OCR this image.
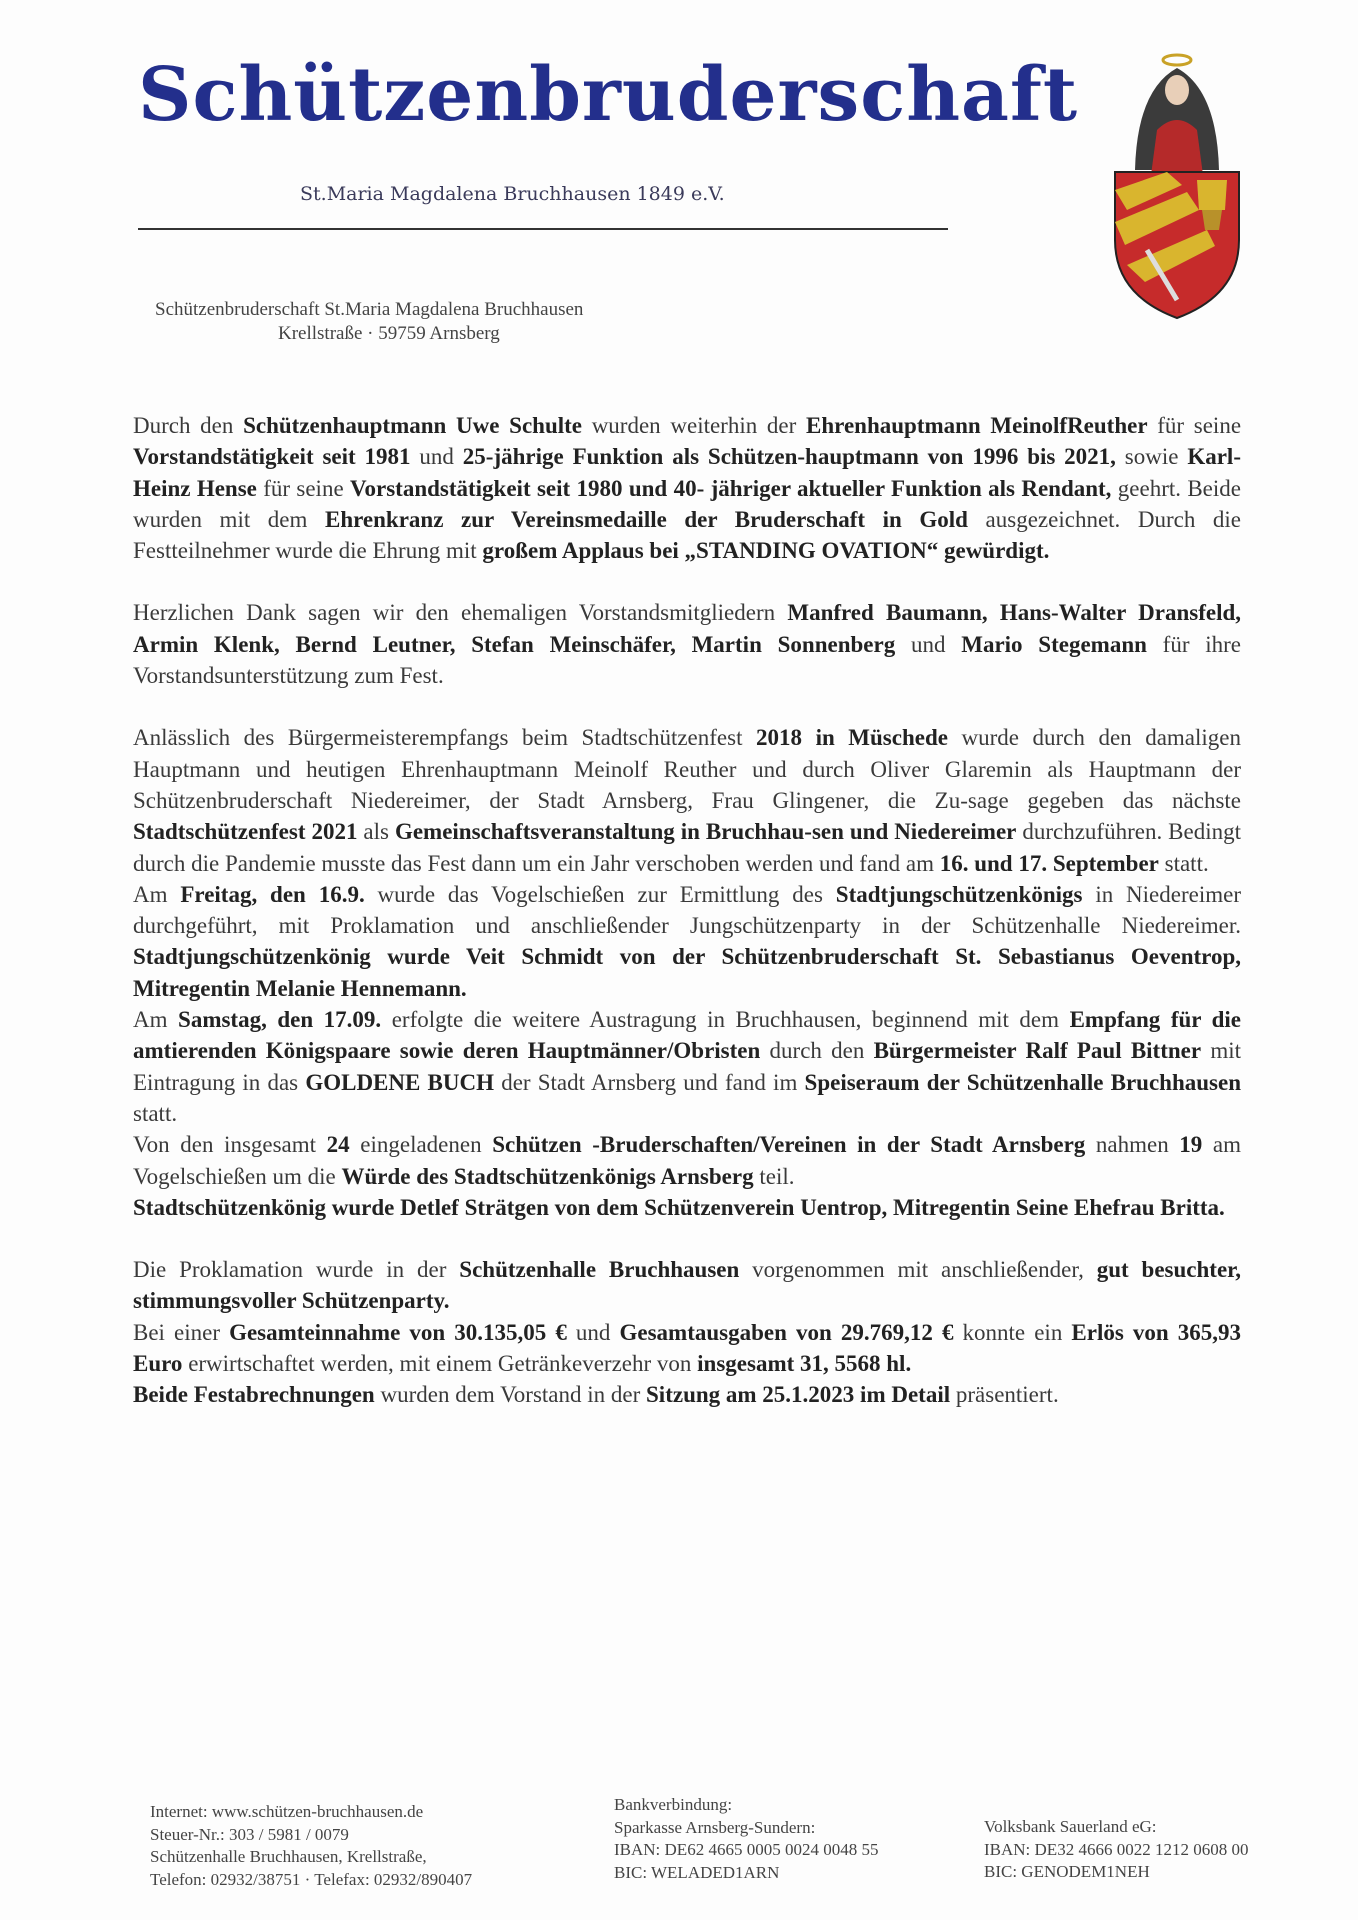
Schützenbruderschaft
St.Maria Magdalena Bruchhausen 1849 e.V.
Schützenbruderschaft St.Maria Magdalena Bruchhausen
Krellstraße · 59759 Arnsberg

Durch den Schützenhauptmann Uwe Schulte wurden weiterhin der Ehrenhauptmann MeinolfReuther für seine Vorstandstätigkeit seit 1981 und 25-jährige Funktion als Schützen-hauptmann von 1996 bis 2021, sowie Karl-Heinz Hense für seine Vorstandstätigkeit seit 1980 und 40- jähriger aktueller Funktion als Rendant, geehrt. Beide wurden mit dem Ehrenkranz zur Vereinsmedaille der Bruderschaft in Gold ausgezeichnet. Durch die Festteilnehmer wurde die Ehrung mit großem Applaus bei „STANDING OVATION“ gewürdigt.

Herzlichen Dank sagen wir den ehemaligen Vorstandsmitgliedern Manfred Baumann, Hans-Walter Dransfeld, Armin Klenk, Bernd Leutner, Stefan Meinschäfer, Martin Sonnenberg und Mario Stegemann für ihre Vorstandsunterstützung zum Fest.

Anlässlich des Bürgermeisterempfangs beim Stadtschützenfest 2018 in Müschede wurde durch den damaligen Hauptmann und heutigen Ehrenhauptmann Meinolf Reuther und durch Oliver Glaremin als Hauptmann der Schützenbruderschaft Niedereimer, der Stadt Arnsberg, Frau Glingener, die Zu-sage gegeben das nächste Stadtschützenfest 2021 als Gemeinschaftsveranstaltung in Bruchhau-sen und Niedereimer durchzuführen. Bedingt durch die Pandemie musste das Fest dann um ein Jahr verschoben werden und fand am 16. und 17. September statt.
Am Freitag, den 16.9. wurde das Vogelschießen zur Ermittlung des Stadtjungschützenkönigs in Niedereimer durchgeführt, mit Proklamation und anschließender Jungschützenparty in der Schützenhalle Niedereimer. Stadtjungschützenkönig wurde Veit Schmidt von der Schützenbruderschaft St. Sebastianus Oeventrop, Mitregentin Melanie Hennemann.
Am Samstag, den 17.09. erfolgte die weitere Austragung in Bruchhausen, beginnend mit dem Empfang für die amtierenden Königspaare sowie deren Hauptmänner/Obristen durch den Bürgermeister Ralf Paul Bittner mit Eintragung in das GOLDENE BUCH der Stadt Arnsberg und fand im Speiseraum der Schützenhalle Bruchhausen statt.
Von den insgesamt 24 eingeladenen Schützen -Bruderschaften/Vereinen in der Stadt Arnsberg nahmen 19 am Vogelschießen um die Würde des Stadtschützenkönigs Arnsberg teil.
Stadtschützenkönig wurde Detlef Strätgen von dem Schützenverein Uentrop, Mitregentin Seine Ehefrau Britta.

Die Proklamation wurde in der Schützenhalle Bruchhausen vorgenommen mit anschließender, gut besuchter, stimmungsvoller Schützenparty.
Bei einer Gesamteinnahme von 30.135,05 € und Gesamtausgaben von 29.769,12 € konnte ein Erlös von 365,93 Euro erwirtschaftet werden, mit einem Getränkeverzehr von insgesamt 31, 5568 hl.
Beide Festabrechnungen wurden dem Vorstand in der Sitzung am 25.1.2023 im Detail präsentiert.

Internet: www.schützen-bruchhausen.de
Steuer-Nr.: 303 / 5981 / 0079
Schützenhalle Bruchhausen, Krellstraße,
Telefon: 02932/38751 · Telefax: 02932/890407
Bankverbindung:
Sparkasse Arnsberg-Sundern:
IBAN: DE62 4665 0005 0024 0048 55
BIC: WELADED1ARN
Volksbank Sauerland eG:
IBAN: DE32 4666 0022 1212 0608 00
BIC: GENODEM1NEH
